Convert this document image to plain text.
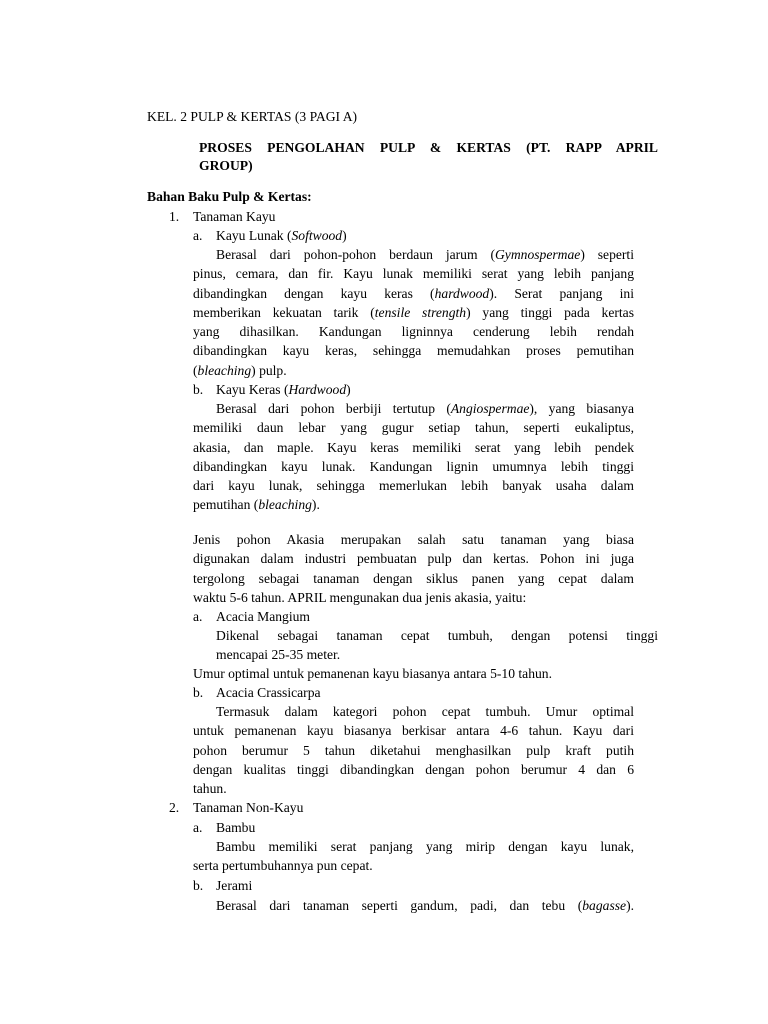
KEL. 2 PULP & KERTAS (3 PAGI A)
PROSES PENGOLAHAN PULP & KERTAS (PT. RAPP APRIL
GROUP)
Bahan Baku Pulp & Kertas:
1. Tanaman Kayu
a. Kayu Lunak (Softwood)
Berasal dari pohon-pohon berdaun jarum (Gymnospermae) seperti
pinus, cemara, dan fir. Kayu lunak memiliki serat yang lebih panjang
dibandingkan dengan kayu keras (hardwood). Serat panjang ini
memberikan kekuatan tarik (tensile strength) yang tinggi pada kertas
yang dihasilkan. Kandungan ligninnya cenderung lebih rendah
dibandingkan kayu keras, sehingga memudahkan proses pemutihan
(bleaching) pulp.
b. Kayu Keras (Hardwood)
Berasal dari pohon berbiji tertutup (Angiospermae), yang biasanya
memiliki daun lebar yang gugur setiap tahun, seperti eukaliptus,
akasia, dan maple. Kayu keras memiliki serat yang lebih pendek
dibandingkan kayu lunak. Kandungan lignin umumnya lebih tinggi
dari kayu lunak, sehingga memerlukan lebih banyak usaha dalam
pemutihan (bleaching).
Jenis pohon Akasia merupakan salah satu tanaman yang biasa
digunakan dalam industri pembuatan pulp dan kertas. Pohon ini juga
tergolong sebagai tanaman dengan siklus panen yang cepat dalam
waktu 5-6 tahun. APRIL mengunakan dua jenis akasia, yaitu:
a. Acacia Mangium
Dikenal sebagai tanaman cepat tumbuh, dengan potensi tinggi
mencapai 25-35 meter.
Umur optimal untuk pemanenan kayu biasanya antara 5-10 tahun.
b. Acacia Crassicarpa
Termasuk dalam kategori pohon cepat tumbuh. Umur optimal
untuk pemanenan kayu biasanya berkisar antara 4-6 tahun. Kayu dari
pohon berumur 5 tahun diketahui menghasilkan pulp kraft putih
dengan kualitas tinggi dibandingkan dengan pohon berumur 4 dan 6
tahun.
2. Tanaman Non-Kayu
a. Bambu
Bambu memiliki serat panjang yang mirip dengan kayu lunak,
serta pertumbuhannya pun cepat.
b. Jerami
Berasal dari tanaman seperti gandum, padi, dan tebu (bagasse).
